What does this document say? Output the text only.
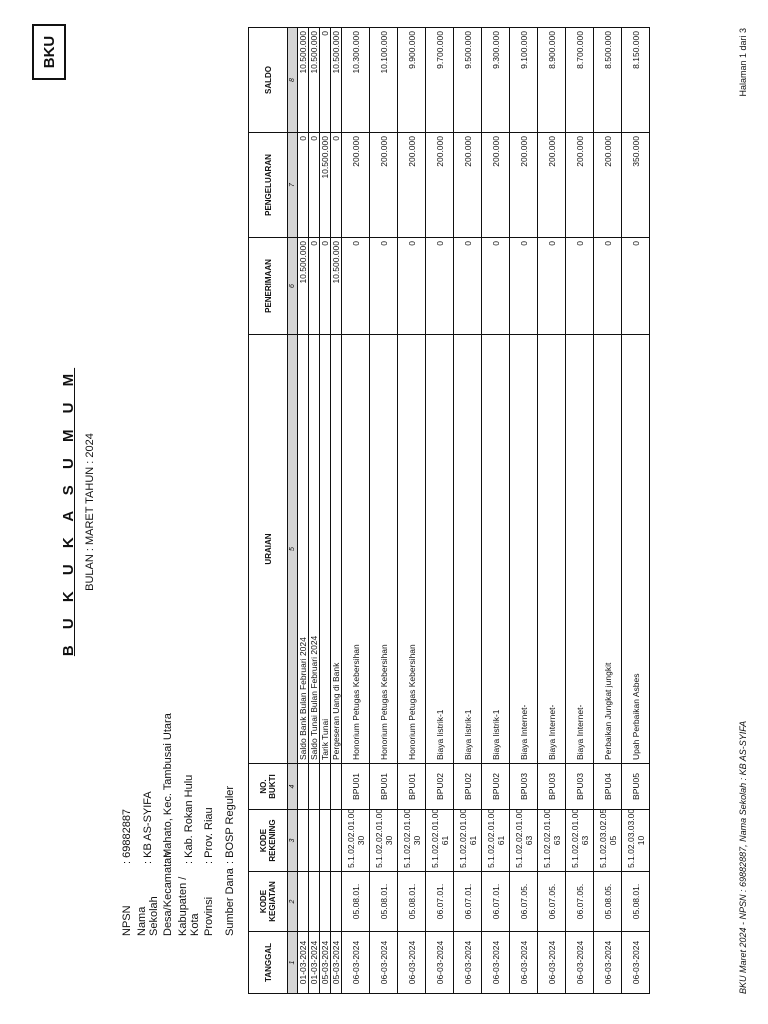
BKU
B U K U K A S U M U M BULAN : MARET TAHUN : 2024
NPSN
: 69882887
Nama Sekolah
: KB AS-SYIFA
Desa/Kecamatan
: Mahato, Kec. Tambusai Utara
Kabupaten / Kota
: Kab. Rokan Hulu
Provinsi
: Prov. Riau
Sumber Dana
: BOSP Reguler
TANGGAL	KODE KEGIATAN	KODE REKENING	NO. BUKTI	URAIAN	PENERIMAAN	PENGELUARAN	SALDO
1	2	3	4	5	6	7	8
01-03-2024				Saldo Bank Bulan Februari 2024	10.500.000	0	10.500.000
01-03-2024				Saldo Tunai Bulan Februari 2024	0	0	10.500.000
05-03-2024				Tarik Tunai	0	10.500.000	0
05-03-2024				Pergeseran Uang di Bank	10.500.000	0	10.500.000
06-03-2024	05.08.01.	5.1.02.02.01.00 30	BPU01	Honorium Petugas Kebersihan	0	200.000	10.300.000
06-03-2024	05.08.01.	5.1.02.02.01.00 30	BPU01	Honorium Petugas Kebersihan	0	200.000	10.100.000
06-03-2024	05.08.01.	5.1.02.02.01.00 30	BPU01	Honorium Petugas Kebersihan	0	200.000	9.900.000
06-03-2024	06.07.01.	5.1.02.02.01.00 61	BPU02	Biaya listrik-1	0	200.000	9.700.000
06-03-2024	06.07.01.	5.1.02.02.01.00 61	BPU02	Biaya listrik-1	0	200.000	9.500.000
06-03-2024	06.07.01.	5.1.02.02.01.00 61	BPU02	Biaya listrik-1	0	200.000	9.300.000
06-03-2024	06.07.05.	5.1.02.02.01.00 63	BPU03	Biaya Internet-	0	200.000	9.100.000
06-03-2024	06.07.05.	5.1.02.02.01.00 63	BPU03	Biaya Internet-	0	200.000	8.900.000
06-03-2024	06.07.05.	5.1.02.02.01.00 63	BPU03	Biaya Internet-	0	200.000	8.700.000
06-03-2024	05.08.05.	5.1.02.03.02.05 05	BPU04	Perbaikan Jungkat jungkit	0	200.000	8.500.000
06-03-2024	05.08.01.	5.1.02.03.03.00 10	BPU05	Upah Perbaikan Asbes	0	350.000	8.150.000
BKU Maret 2024 - NPSN : 69882887, Nama Sekolah : KB AS-SYIFA
Halaman 1 dari 3
